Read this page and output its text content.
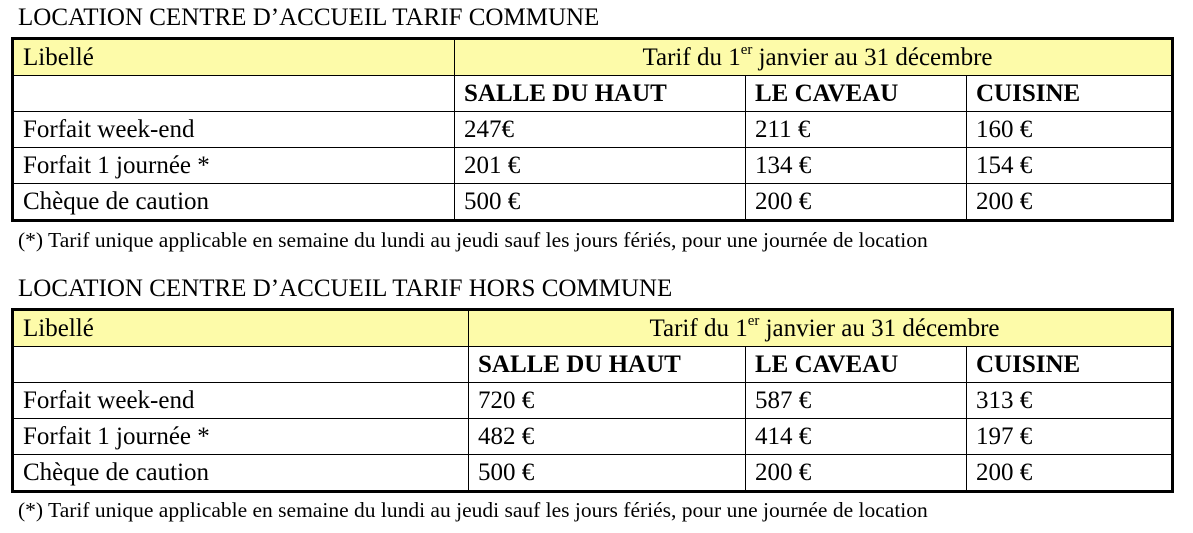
LOCATION CENTRE D’ACCUEIL TARIF COMMUNE
Libellé	Tarif du 1er janvier au 31 décembre		
	SALLE DU HAUT	LE CAVEAU	CUISINE
Forfait week-end	247€	211 €	160 €
Forfait 1 journée *	201 €	134 €	154 €
Chèque de caution	500 €	200 €	200 €
(*) Tarif unique applicable en semaine du lundi au jeudi sauf les jours fériés, pour une journée de location
LOCATION CENTRE D’ACCUEIL TARIF HORS COMMUNE
Libellé	Tarif du 1er janvier au 31 décembre		
	SALLE DU HAUT	LE CAVEAU	CUISINE
Forfait week-end	720 €	587 €	313 €
Forfait 1 journée *	482 €	414 €	197 €
Chèque de caution	500 €	200 €	200 €
(*) Tarif unique applicable en semaine du lundi au jeudi sauf les jours fériés, pour une journée de location
